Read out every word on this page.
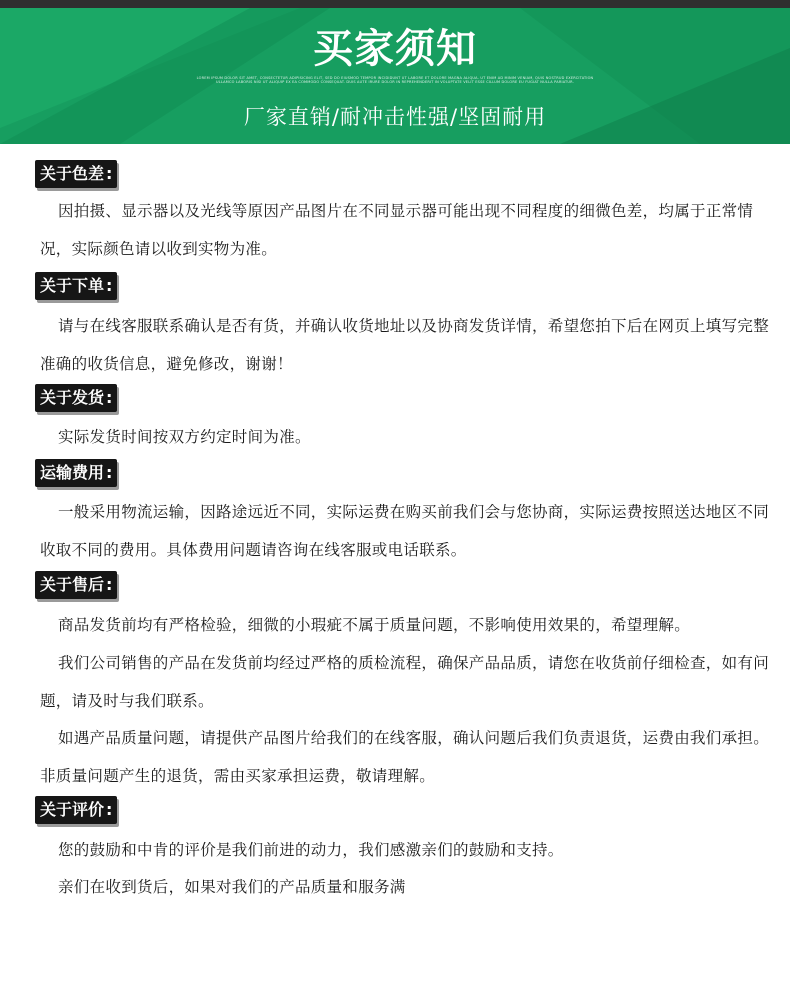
买家须知
LOREM IPSUM DOLOR SIT AMET, CONSECTETUR ADIPISICING ELIT, SED DO EIUSMOD TEMPOR INCIDIDUNT UT LABORE ET DOLORE MAGNA ALIQUA. UT ENIM AD MINIM VENIAM, QUIS NOSTRUD EXERCITATION ULLAMCO LABORIS NISI UT ALIQUIP EX EA COMMODO CONSEQUAT. DUIS AUTE IRURE DOLOR IN REPREHENDERIT IN VOLUPTATE VELIT ESSE CILLUM DOLORE EU FUGIAT NULLA PARIATUR.
厂家直销/耐冲击性强/坚固耐用
关于色差 :
因拍摄、显示器以及光线等原因产品图片在不同显示器可能出现不同程度的细微色差，均属于正常情况，实际颜色请以收到实物为准。
关于下单 :
请与在线客服联系确认是否有货，并确认收货地址以及协商发货详情，希望您拍下后在网页上填写完整准确的收货信息，避免修改，谢谢！
关于发货 :
实际发货时间按双方约定时间为准。
运输费用 :
一般采用物流运输，因路途远近不同，实际运费在购买前我们会与您协商，实际运费按照送达地区不同收取不同的费用。具体费用问题请咨询在线客服或电话联系。
关于售后 :
商品发货前均有严格检验，细微的小瑕疵不属于质量问题，不影响使用效果的，希望理解。
我们公司销售的产品在发货前均经过严格的质检流程，确保产品品质，请您在收货前仔细检查，如有问题，请及时与我们联系。
如遇产品质量问题，请提供产品图片给我们的在线客服，确认问题后我们负责退货，运费由我们承担。非质量问题产生的退货，需由买家承担运费，敬请理解。
关于评价 :
您的鼓励和中肯的评价是我们前进的动力，我们感激亲们的鼓励和支持。
亲们在收到货后，如果对我们的产品质量和服务满
